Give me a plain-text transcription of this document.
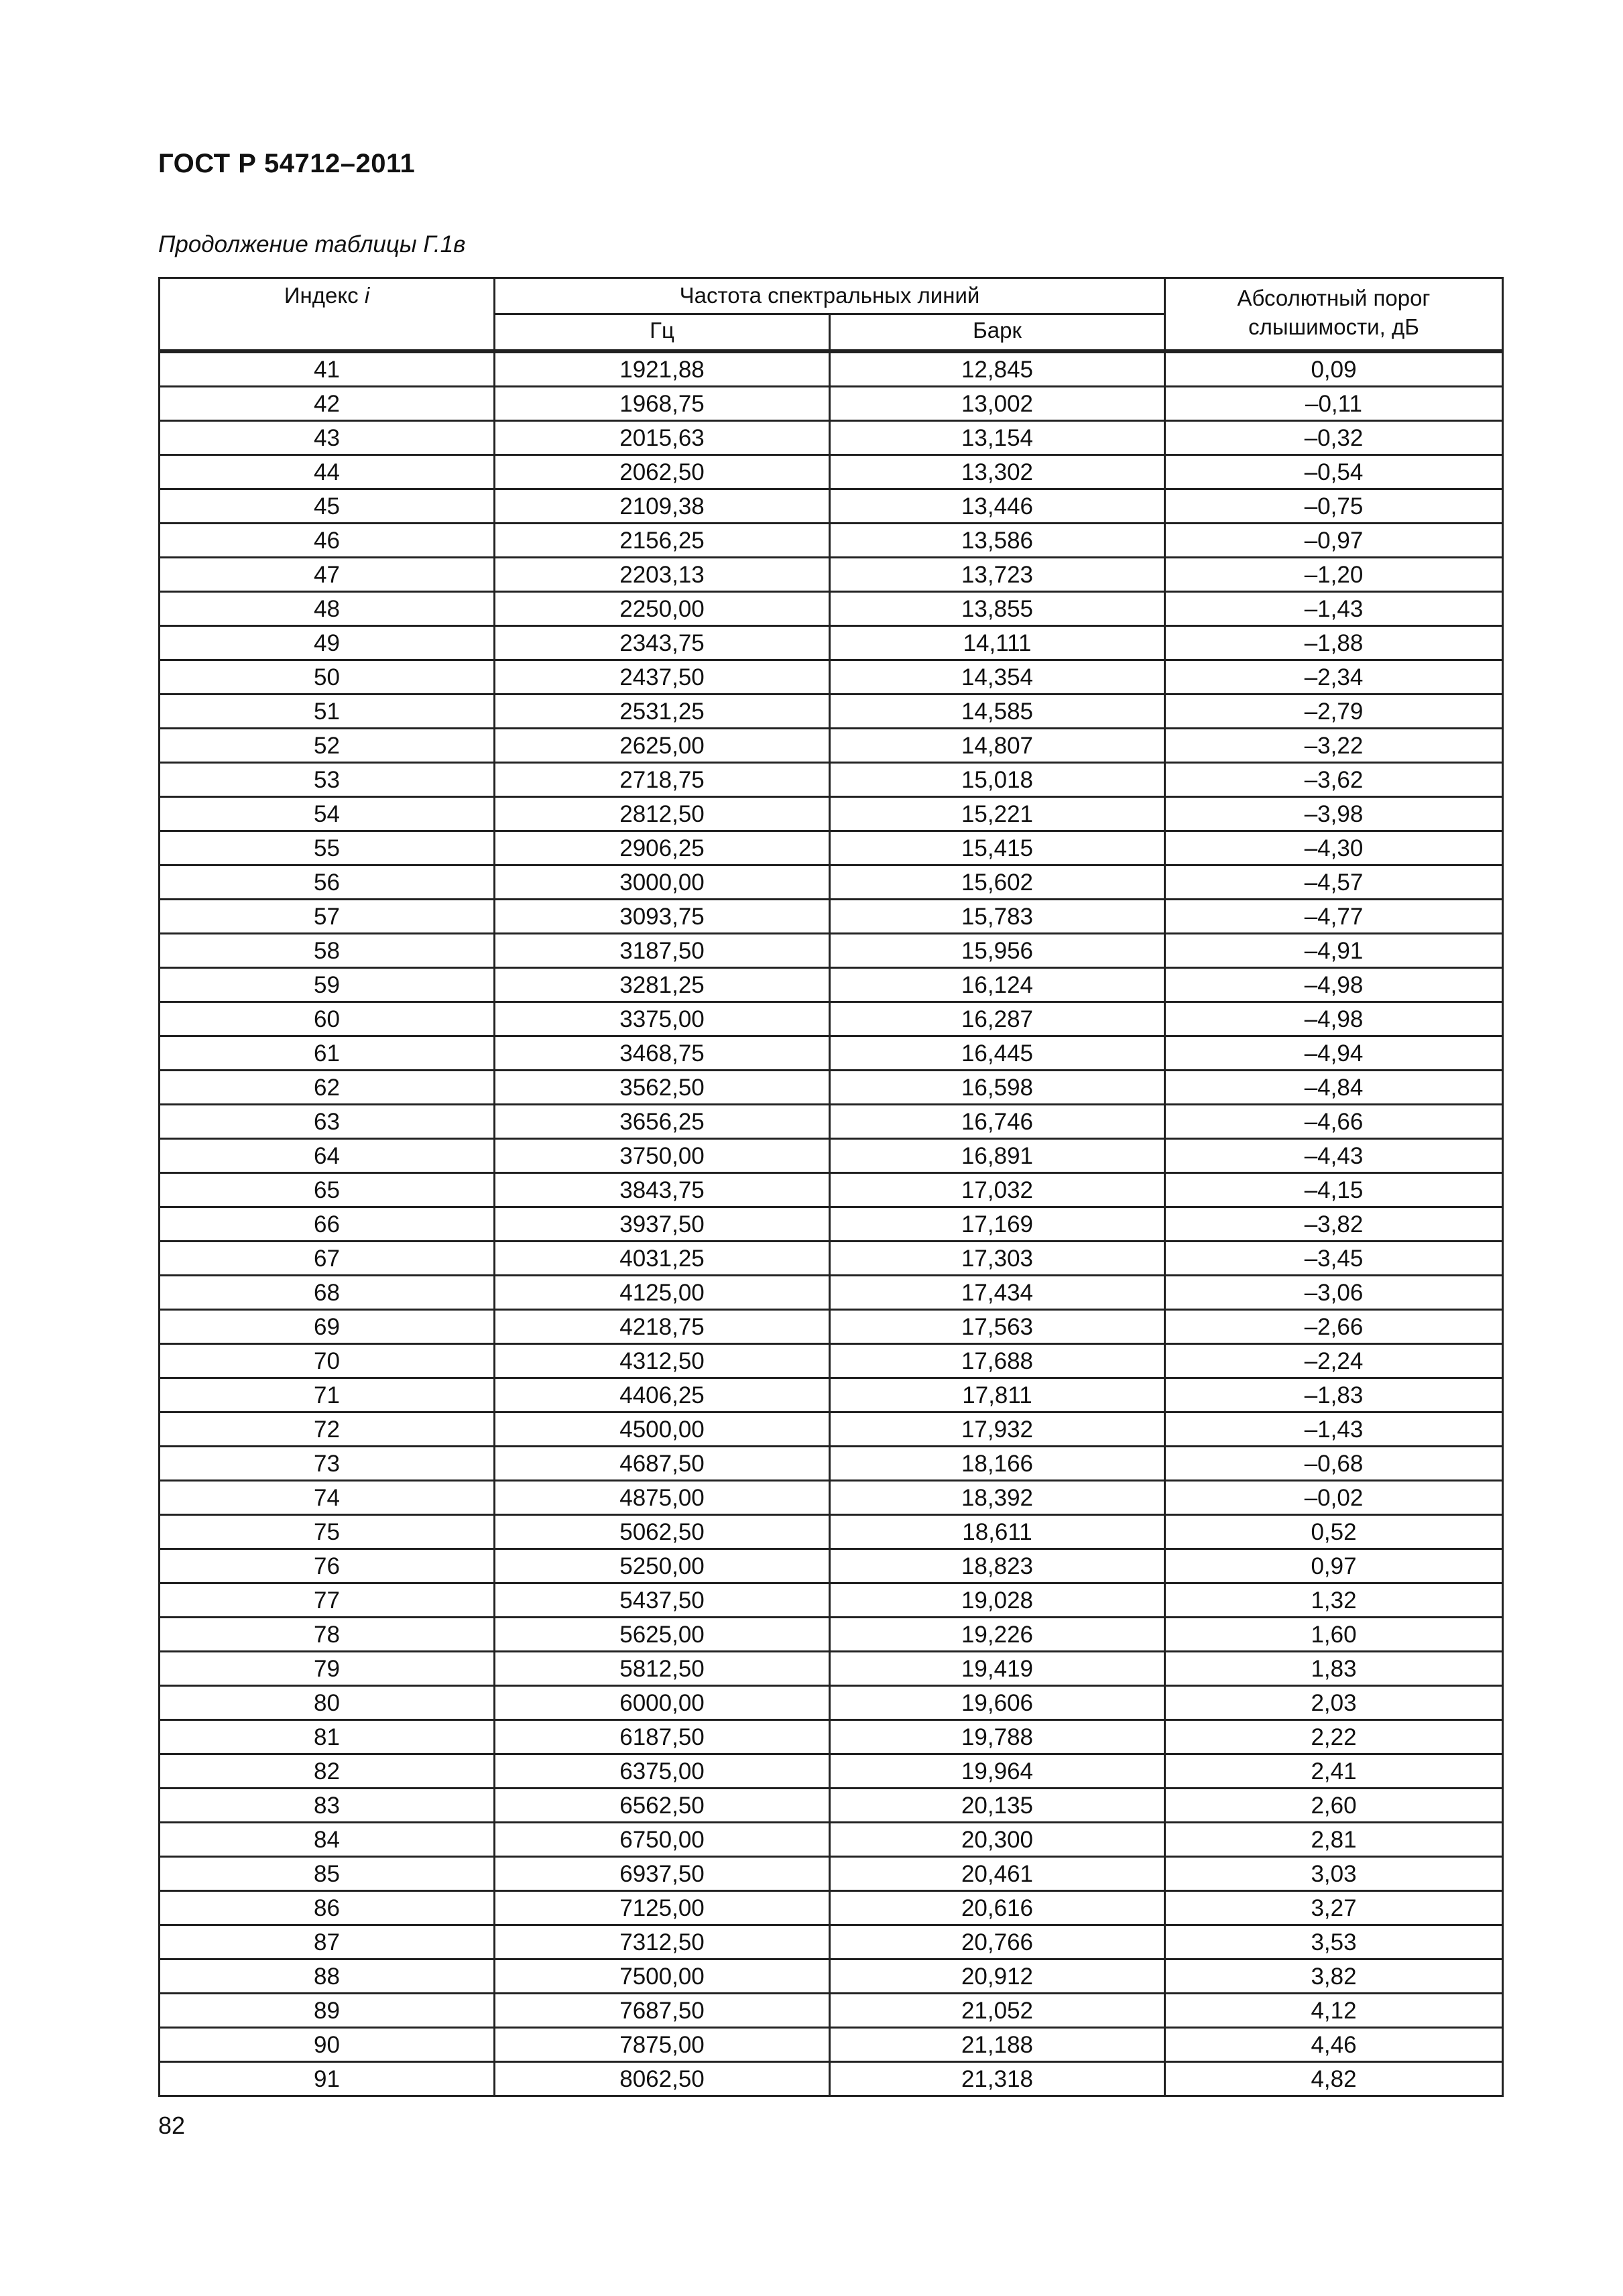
ГОСТ Р 54712–2011
Продолжение таблицы Г.1в
Индекс i	Частота спектральных линий		Абсолютный порог слышимости, дБ
	Гц	Барк	
41	1921,88	12,845	0,09
42	1968,75	13,002	–0,11
43	2015,63	13,154	–0,32
44	2062,50	13,302	–0,54
45	2109,38	13,446	–0,75
46	2156,25	13,586	–0,97
47	2203,13	13,723	–1,20
48	2250,00	13,855	–1,43
49	2343,75	14,111	–1,88
50	2437,50	14,354	–2,34
51	2531,25	14,585	–2,79
52	2625,00	14,807	–3,22
53	2718,75	15,018	–3,62
54	2812,50	15,221	–3,98
55	2906,25	15,415	–4,30
56	3000,00	15,602	–4,57
57	3093,75	15,783	–4,77
58	3187,50	15,956	–4,91
59	3281,25	16,124	–4,98
60	3375,00	16,287	–4,98
61	3468,75	16,445	–4,94
62	3562,50	16,598	–4,84
63	3656,25	16,746	–4,66
64	3750,00	16,891	–4,43
65	3843,75	17,032	–4,15
66	3937,50	17,169	–3,82
67	4031,25	17,303	–3,45
68	4125,00	17,434	–3,06
69	4218,75	17,563	–2,66
70	4312,50	17,688	–2,24
71	4406,25	17,811	–1,83
72	4500,00	17,932	–1,43
73	4687,50	18,166	–0,68
74	4875,00	18,392	–0,02
75	5062,50	18,611	0,52
76	5250,00	18,823	0,97
77	5437,50	19,028	1,32
78	5625,00	19,226	1,60
79	5812,50	19,419	1,83
80	6000,00	19,606	2,03
81	6187,50	19,788	2,22
82	6375,00	19,964	2,41
83	6562,50	20,135	2,60
84	6750,00	20,300	2,81
85	6937,50	20,461	3,03
86	7125,00	20,616	3,27
87	7312,50	20,766	3,53
88	7500,00	20,912	3,82
89	7687,50	21,052	4,12
90	7875,00	21,188	4,46
91	8062,50	21,318	4,82
82
